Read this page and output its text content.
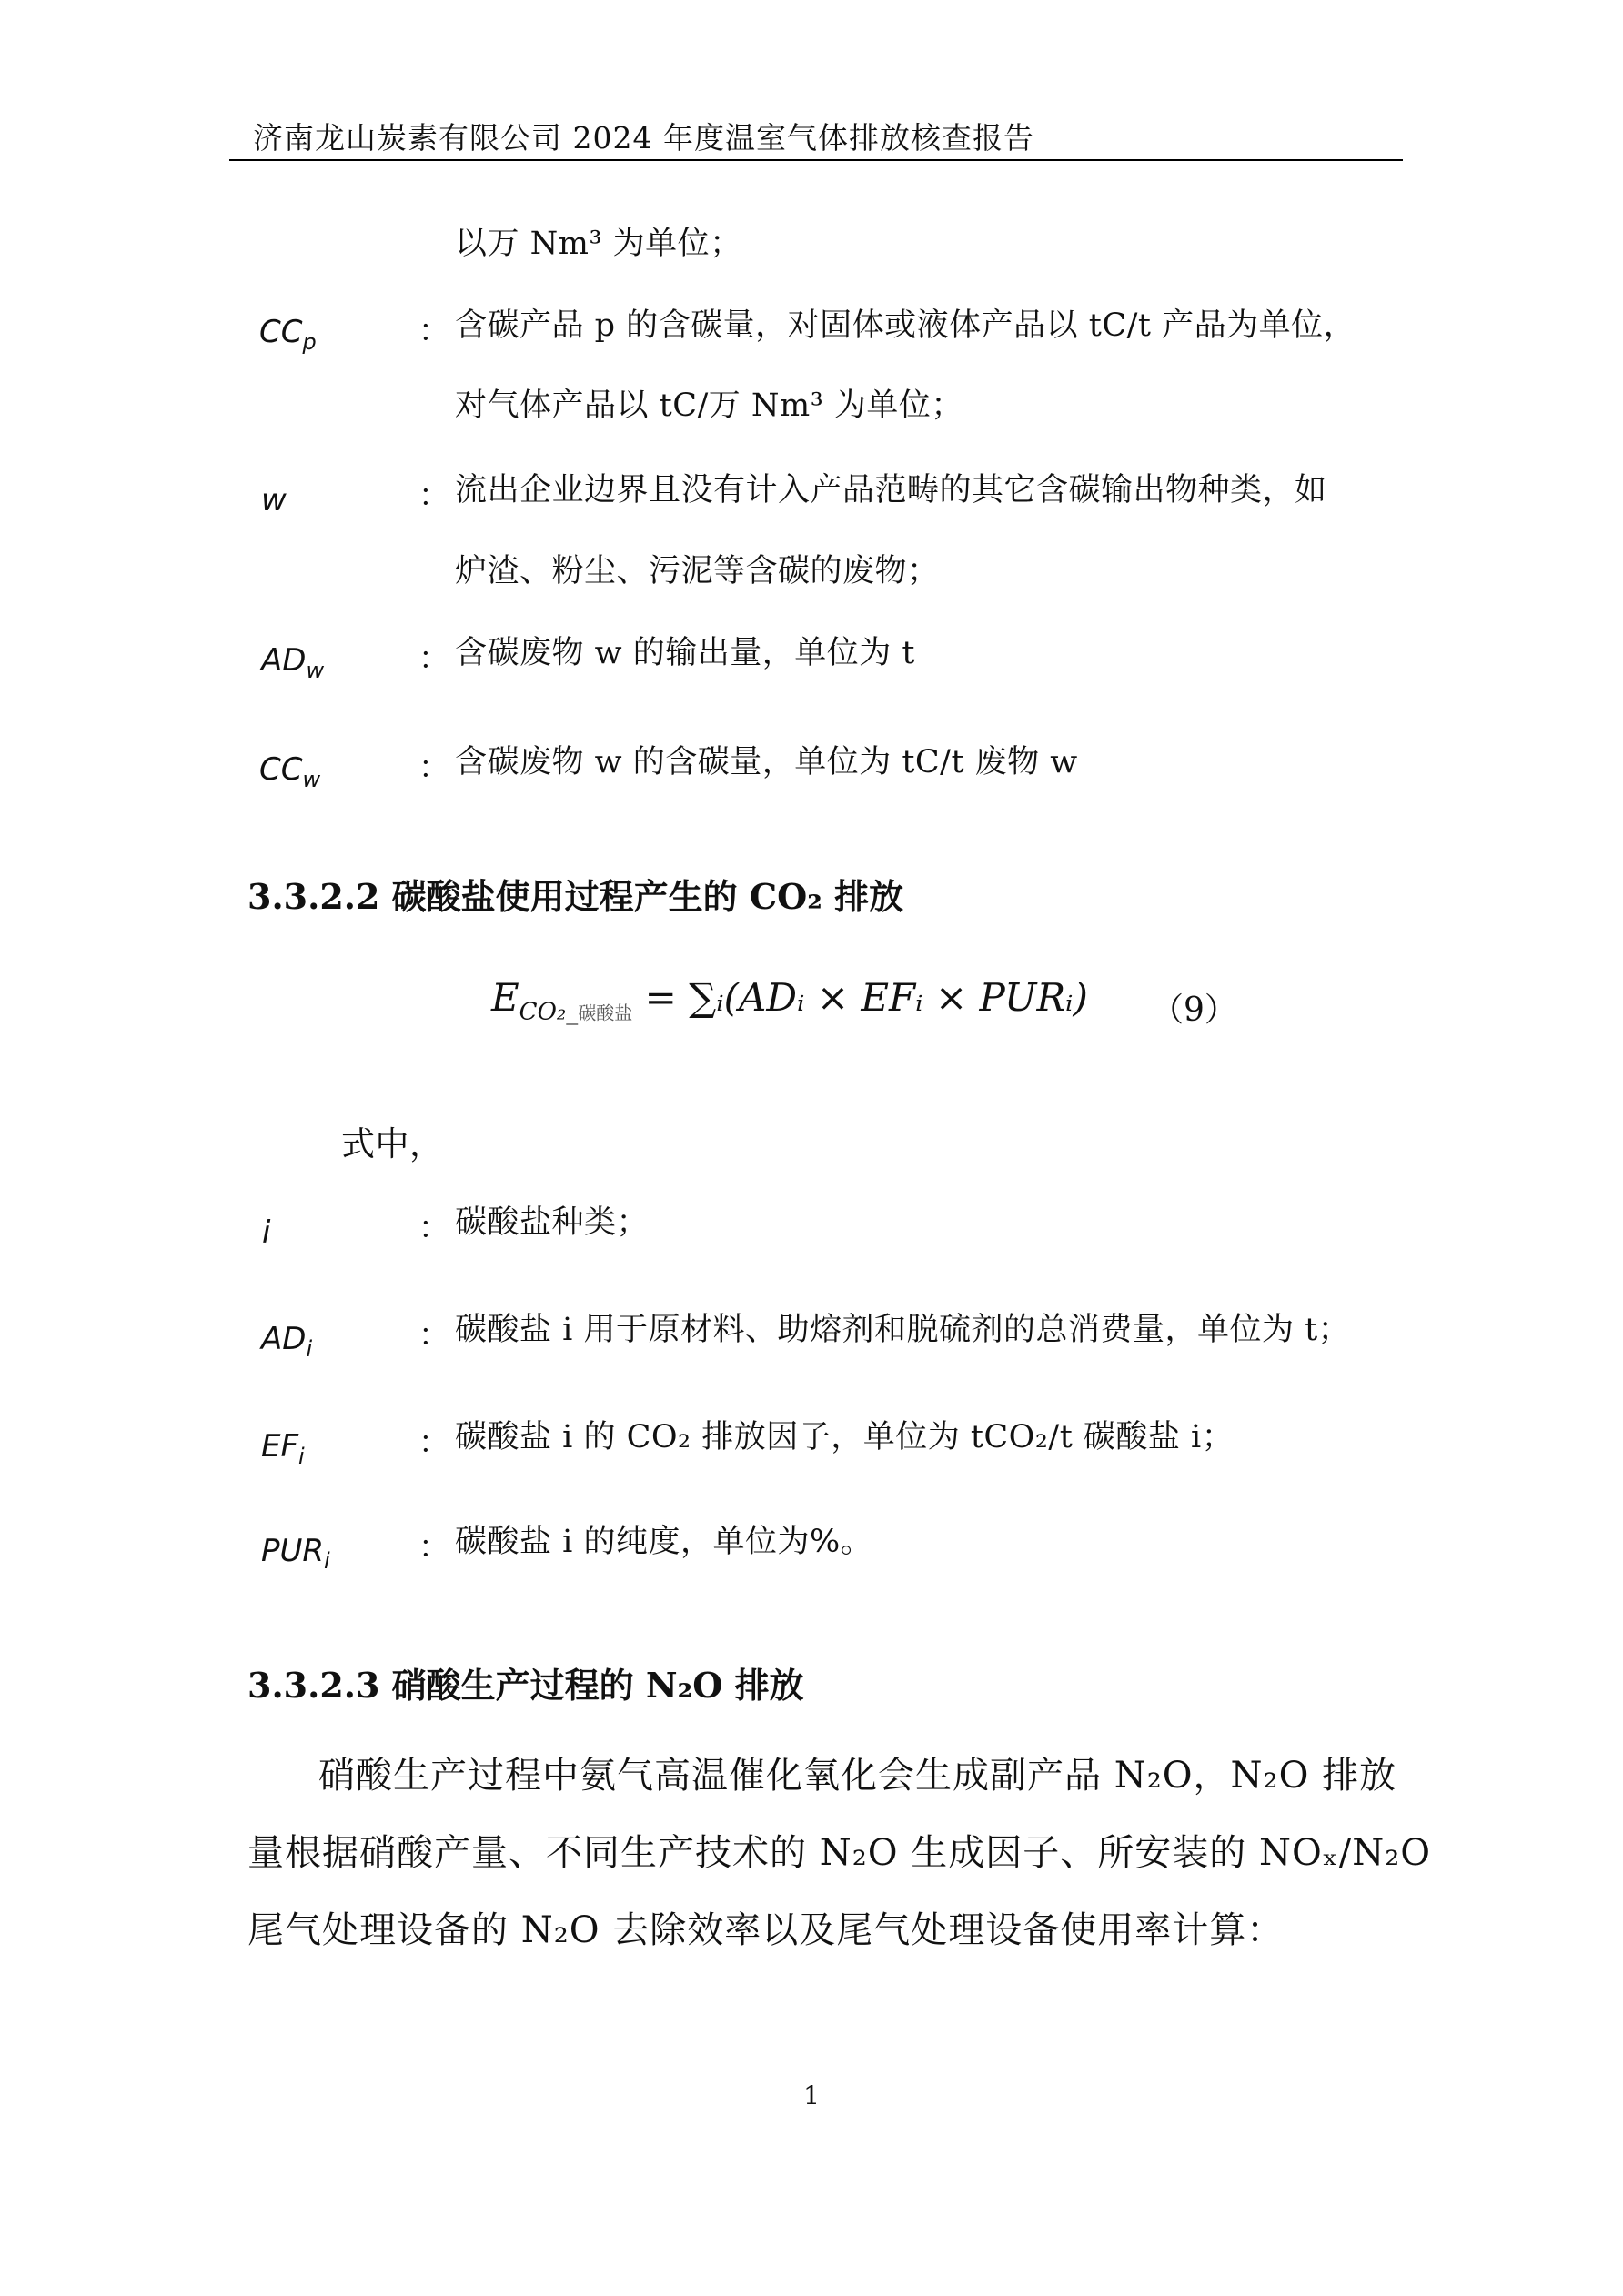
济南龙山炭素有限公司 2024 年度温室气体排放核查报告
以万 Nm³ 为单位；
$CC_p$	： 含碳产品 p 的含碳量，对固体或液体产品以 tC/t 产品为单位，
对气体产品以 tC/万 Nm³ 为单位；
w	： 流出企业边界且没有计入产品范畴的其它含碳输出物种类，如
炉渣、粉尘、污泥等含碳的废物；
$AD_w$	： 含碳废物 w 的输出量，单位为 t
$CC_w$	： 含碳废物 w 的含碳量，单位为 tC/t 废物 w
3.3.2.2 碳酸盐使用过程产生的 CO₂ 排放
$E_{CO_2\_碳酸盐}$ = ∑ᵢ(ADᵢ × EFᵢ × PURᵢ) （9）
式中，
i	： 碳酸盐种类；
$AD_i$	： 碳酸盐 i 用于原材料、助熔剂和脱硫剂的总消费量，单位为 t；
$EF_i$	： 碳酸盐 i 的 CO₂ 排放因子，单位为 tCO₂/t 碳酸盐 i；
$PUR_i$	： 碳酸盐 i 的纯度，单位为%。
3.3.2.3 硝酸生产过程的 N₂O 排放
硝酸生产过程中氨气高温催化氧化会生成副产品 N₂O，N₂O 排放
量根据硝酸产量、不同生产技术的 N₂O 生成因子、所安装的 NOₓ/N₂O
尾气处理设备的 N₂O 去除效率以及尾气处理设备使用率计算：
1
